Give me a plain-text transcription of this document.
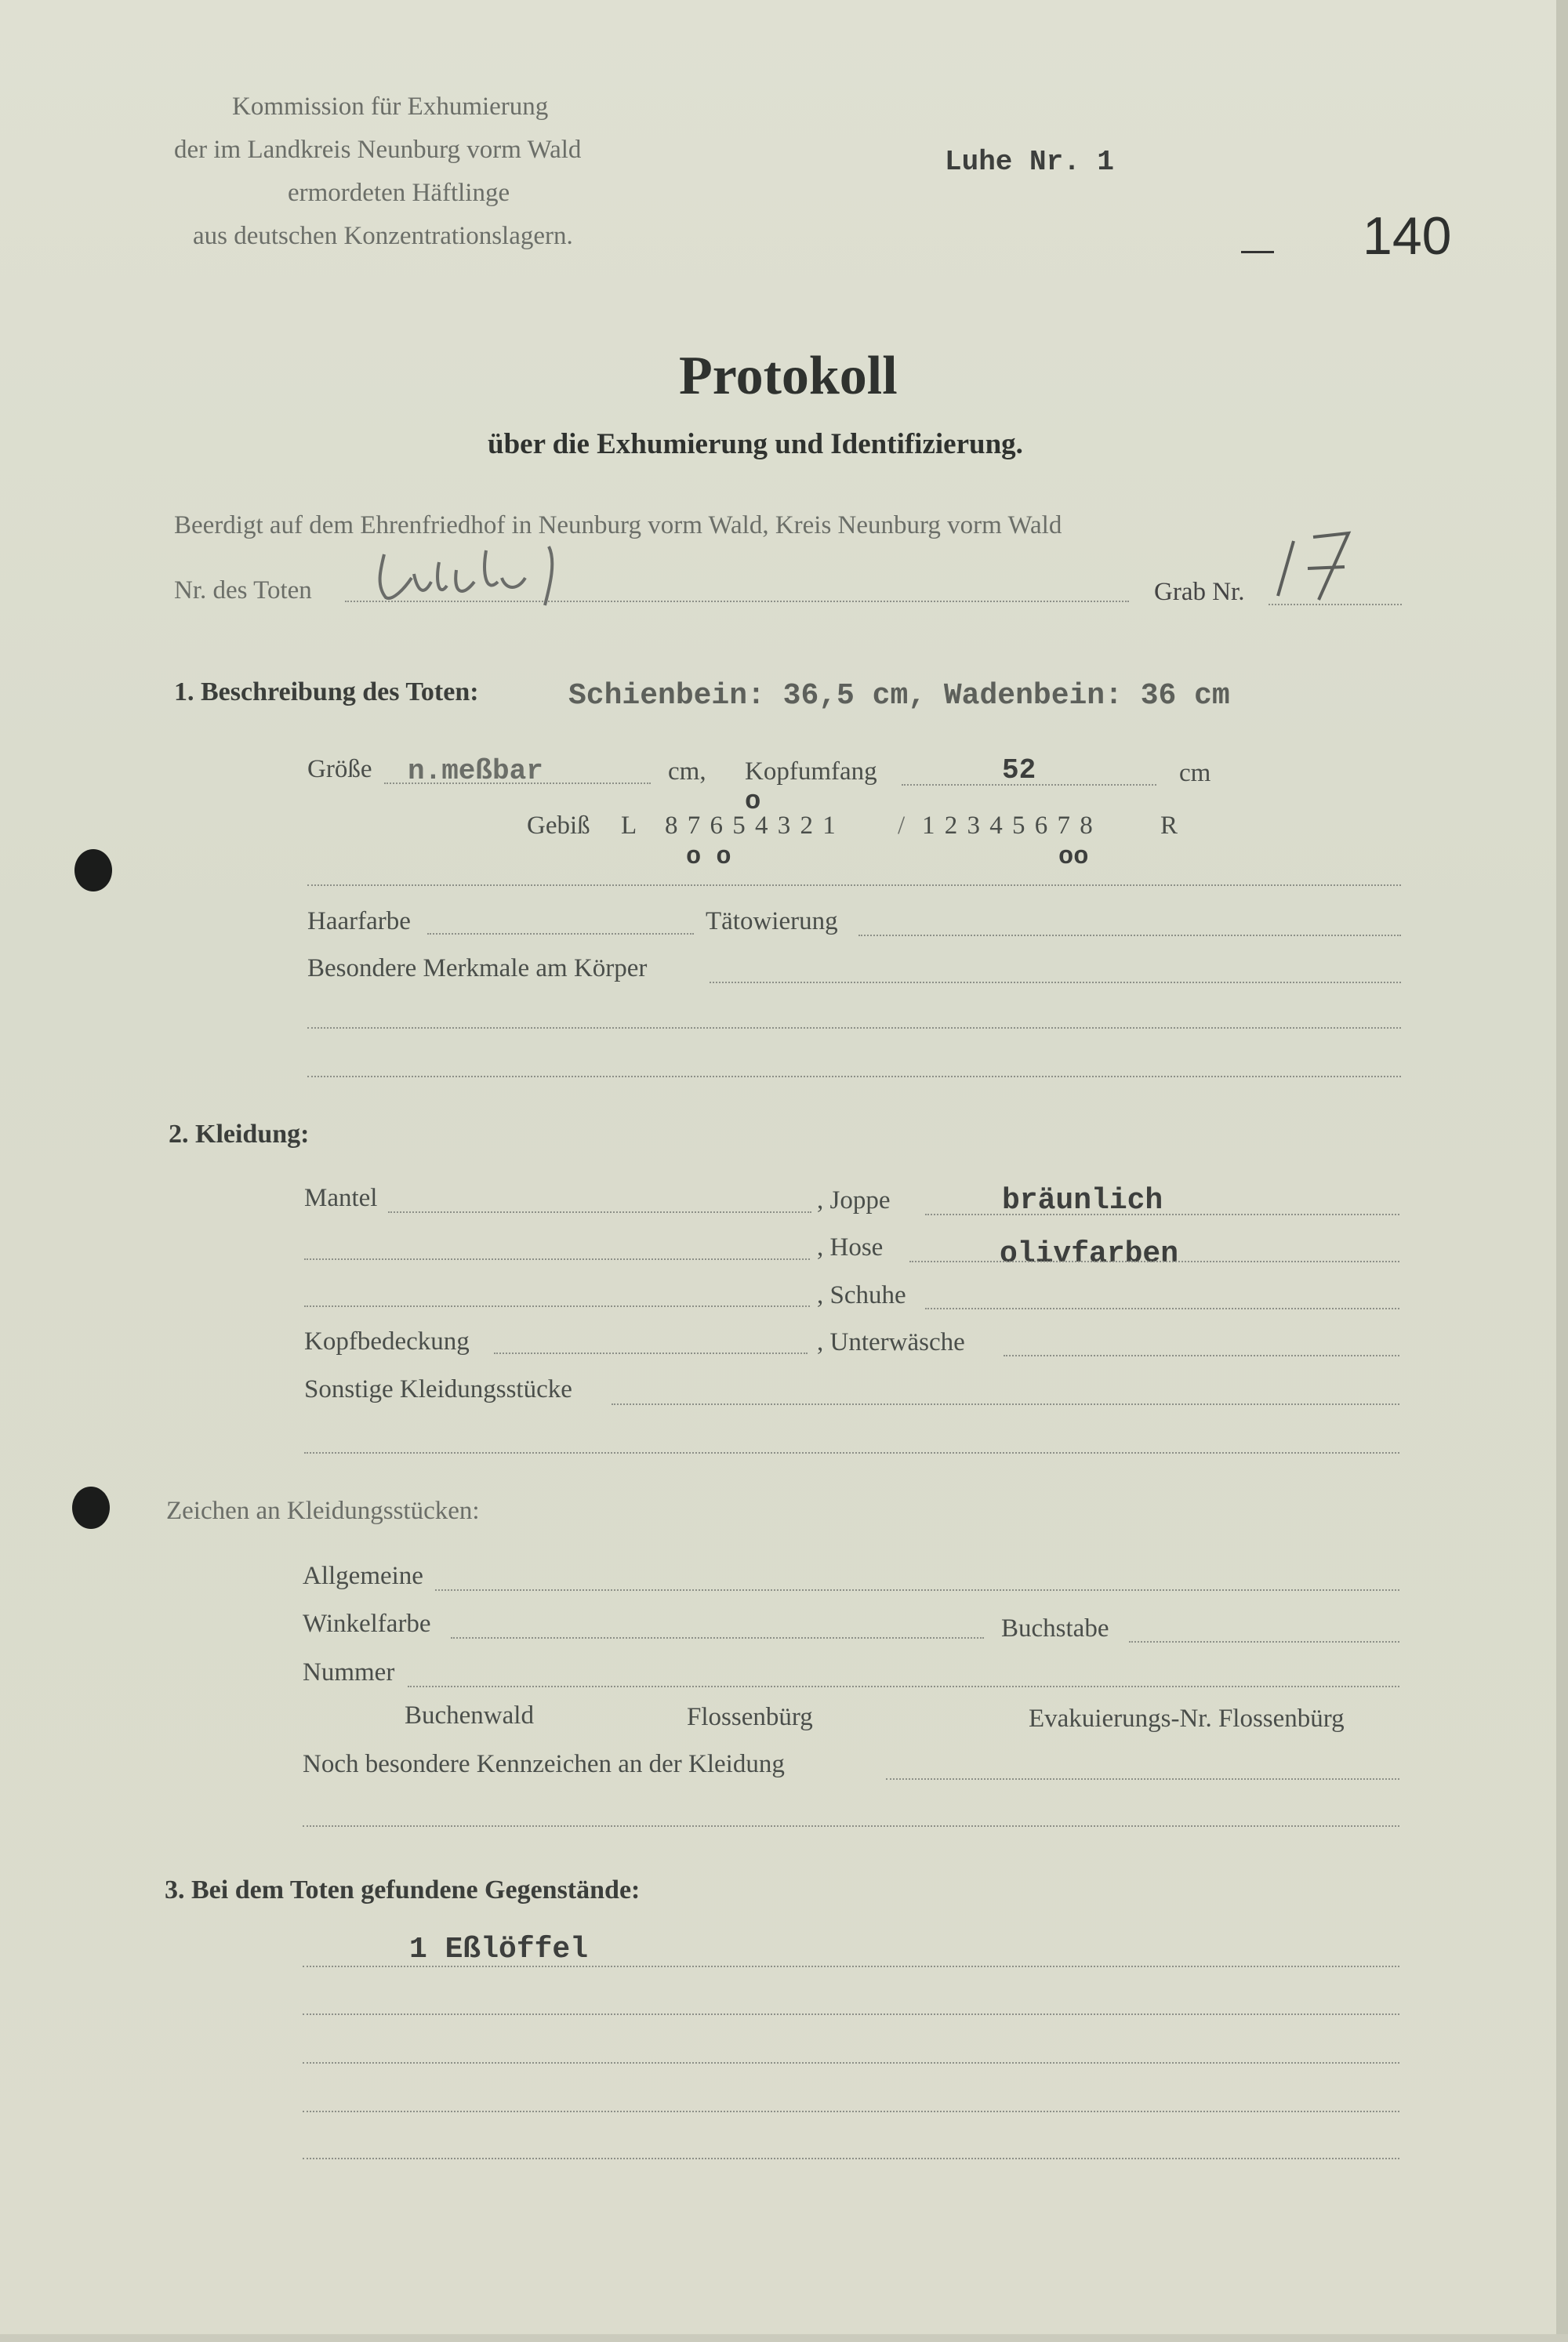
Kommission für Exhumierung
der im Landkreis Neunburg vorm Wald
ermordeten Häftlinge
aus deutschen Konzentrationslagern.
Luhe Nr. 1
140
Protokoll
über die Exhumierung und Identifizierung.
Beerdigt auf dem Ehrenfriedhof in Neunburg vorm Wald, Kreis Neunburg vorm Wald
Nr. des Toten
Leiche 8
Grab Nr.	17
1. Beschreibung des Toten:	Schienbein: 36,5 cm, Wadenbein: 36 cm
Größe n.meßbar	cm, Kopfumfang	52	cm
o
Gebiß L 8 7 6 5 4 3 2 1 / 1 2 3 4 5 6 7 8	R
o o	oo
Haarfarbe	Tätowierung
Besondere Merkmale am Körper
2. Kleidung:
Mantel	, Joppe	bräunlich
, Hose	olivfarben
, Schuhe
Kopfbedeckung	, Unterwäsche
Sonstige Kleidungsstücke
Zeichen an Kleidungsstücken:
Allgemeine
Winkelfarbe	Buchstabe
Nummer
Buchenwald	Flossenbürg	Evakuierungs-Nr. Flossenbürg
Noch besondere Kennzeichen an der Kleidung
3. Bei dem Toten gefundene Gegenstände:
1 Eßlöffel
